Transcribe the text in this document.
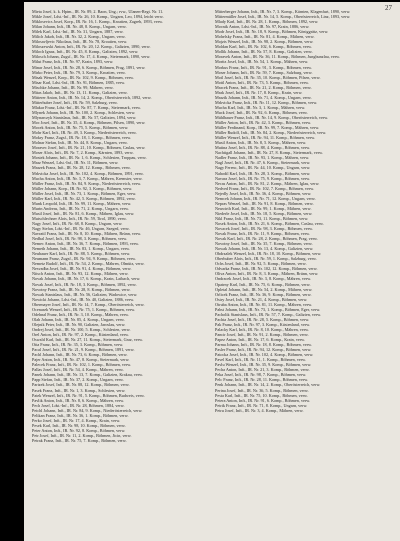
27

Mieta Josef, k. k. Hptm., IR. Nr. 89, 2. Baon, Ung.; rvw., Ulanen-Regt. Nr. 11.

Mikle Josef, Ldst.-Inf., IR. Nr. 26, 10. Komp., Ungarn, Leo, 1894, leicht verw.

Miklosevics Josef, Korp., IR. Nr. 16, 1. Komp., Kroatien, Zagreb, 1893, verw.

Milan Johann, Inft., IR. Nr. 48, 8. Komp., Ungarn, verw.

Milek Karl, Ldst.-Inf., IR. Nr. 31, Ungarn, 1887, verw.

Milich Jakob, Inft., IR. Nr. 32, 2. Komp., Ungarn, verw.

Milosavljevic Nikolaus, Inft., IR. Nr. 78, Kroatien, verw.

Miloszewski Anton, Inft., IR. Nr. 20, 12. Komp., Galizien, 1890, verw.

Miloch Ignaz, Inft., IR. Nr. 45, 8. Komp., Galizien, 1892, verw.

Milosch Johann, Zugsf., IR. Nr. 17, 4. Komp., Steiermark, 1890, verw.

Milut Franz, Inft., IR. Nr. 97, Krain, 1893, verw.

Minar Josef, Inft., IR. Nr. 28, 6. Komp., Böhmen, Prag, 1891, verw.

Mirko Peter, Inft., IR. Nr. 79, 3. Komp., Kroatien, verw.

Misak Wenzel, Korp., IR. Nr. 102, 9. Komp., Böhmen, verw.

Misar Karl, Ldst.-Inf., IR. Nr. 91, Böhmen, 1885, verw.

Mischke Johann, Inft., IR. Nr. 99, Mähren, verw.

Mitas Jakob, Inft., IR. Nr. 13, 11. Komp., Galizien, verw.

Mitterer Anton, Inft., IR. Nr. 14, 2. Komp., Oberösterreich, 1892, verw.

Mitterhuber Josef, Inft., IR. Nr. 59, Salzburg, verw.

Mlakar Franz, Ldst.-Inf., IR. Nr. 87, 7. Komp., Steiermark, verw.

Mlynek Johann, Inft., IR. Nr. 100, 2. Komp., Schlesien, verw.

Mlynarczyk Stanislaus, Inft., IR. Nr. 57, Galizien, 1894, verw.

Moc Josef, Inft., IR. Nr. 35, 4. Komp., Böhmen, Pilsen, 1890, verw.

Mocek Anton, Inft., IR. Nr. 75, 5. Komp., Böhmen, verw.

Mohr Karl, Inft., IR. Nr. 49, 3. Komp., Niederösterreich, verw.

Mokry Franz, Zugsf., IR. Nr. 18, 1. Komp., Böhmen, verw.

Molnar Stefan, Inft., IR. Nr. 44, 8. Komp., Ungarn, verw.

Moravec Josef, Inft., IR. Nr. 21, 10. Komp., Böhmen, Caslau, verw.

Moser Alois, Inft., IR. Nr. 7, 2. Komp., Kärnten, 1893, verw.

Mostek Johann, Inft., IR. Nr. 1, 6. Komp., Schlesien, Troppau, verw.

Mraz Wenzel, Ldst.-Inf., IR. Nr. 11, Böhmen, verw.

Mrazek Franz, Inft., IR. Nr. 28, 12. Komp., Böhmen, verw.

Mrkvicka Josef, Inft., IR. Nr. 102, 4. Komp., Böhmen, 1891, verw.

Mucha Anton, Inft., IR. Nr. 3, 7. Komp., Mähren, Kremsier, verw.

Müller Franz, Inft., IR. Nr. 84, 9. Komp., Niederösterreich, verw.

Müller Johann, Korp., IR. Nr. 92, 3. Komp., Böhmen, verw.

Müller Josef, Inft., IR. Nr. 73, 1. Komp., Böhmen, Eger, verw.

Müller Karl, Inft., IR. Nr. 42, 5. Komp., Böhmen, 1892, verw.

Munk Leopold, Inft., IR. Nr. 99, 11. Komp., Mähren, verw.

Murin Andreas, Inft., IR. Nr. 71, 2. Komp., Ungarn, verw.

Musil Josef, Inft., IR. Nr. 81, 6. Komp., Mähren, Iglau, verw.

Mutschlechner Alois, Inft., IR. Nr. 59, Tirol, 1890, verw.

Nagy Josef, Inft., IR. Nr. 68, 8. Komp., Ungarn, verw.

Nagy Stefan, Ldst.-Inf., IR. Nr. 46, Ungarn, Szeged, verw.

Navratil Franz, Inft., IR. Nr. 8, 10. Komp., Mähren, Brünn, verw.

Nedbal Josef, Inft., IR. Nr. 98, 3. Komp., Böhmen, verw.

Nemec Anton, Inft., IR. Nr. 36, 7. Komp., Böhmen, 1893, verw.

Nemeth Johann, Inft., IR. Nr. 83, 1. Komp., Ungarn, verw.

Neubauer Karl, Inft., IR. Nr. 88, 5. Komp., Böhmen, verw.

Neumann Franz, Zugsf., IR. Nr. 94, 9. Komp., Böhmen, verw.

Nemetz Rudolf, Inft., IR. Nr. 54, 2. Komp., Mähren, Olmütz, verw.

Nesvadba Josef, Inft., IR. Nr. 91, 4. Komp., Böhmen, verw.

Nitsch Anton, Inft., IR. Nr. 93, 12. Komp., Mähren, verw.

Novak Johann, Inft., IR. Nr. 17, 6. Komp., Krain, Laibach, verw.

Novak Josef, Inft., IR. Nr. 18, 3. Komp., Böhmen, 1892, verw.

Novotny Franz, Inft., IR. Nr. 28, 8. Komp., Böhmen, verw.

Nowak Stanislaus, Inft., IR. Nr. 56, Galizien, Wadowice, verw.

Nowicki Johann, Ldst.-Inf., IR. Nr. 40, Galizien, 1886, verw.

Obermayer Josef, Inft., IR. Nr. 14, 7. Komp., Oberösterreich, verw.

Ocenasek Wenzel, Inft., IR. Nr. 75, 1. Komp., Böhmen, verw.

Odehnal Franz, Inft., IR. Nr. 3, 10. Komp., Mähren, verw.

Olah Johann, Inft., IR. Nr. 85, 4. Komp., Ungarn, verw.

Olejnik Peter, Inft., IR. Nr. 90, Galizien, Jaroslau, verw.

Ondrej Josef, Inft., IR. Nr. 100, 5. Komp., Schlesien, verw.

Orel Anton, Inft., IR. Nr. 97, 2. Komp., Küstenland, verw.

Oswald Karl, Inft., IR. Nr. 27, 11. Komp., Steiermark, Graz, verw.

Otta Franz, Inft., IR. Nr. 35, 3. Komp., Böhmen, verw.

Pacal Josef, Inft., IR. Nr. 21, 9. Komp., Böhmen, 1891, verw.

Pachl Johann, Inft., IR. Nr. 73, 6. Komp., Böhmen, verw.

Pajer Anton, Inft., IR. Nr. 47, 8. Komp., Steiermark, verw.

Palecek Franz, Inft., IR. Nr. 102, 1. Komp., Böhmen, verw.

Pallas Josef, Inft., IR. Nr. 54, 4. Komp., Mähren, verw.

Panek Johann, Inft., IR. Nr. 13, 7. Komp., Galizien, Krakau, verw.

Papp Stefan, Inft., IR. Nr. 37, 2. Komp., Ungarn, verw.

Parizek Josef, Inft., IR. Nr. 88, 12. Komp., Böhmen, verw.

Pasek Franz, Inft., IR. Nr. 1, 3. Komp., Schlesien, verw.

Patek Wenzel, Inft., IR. Nr. 91, 5. Komp., Böhmen, Budweis, verw.

Pavlik Anton, Inft., IR. Nr. 8, 6. Komp., Mähren, verw.

Pech Josef, Ldst.-Inf., IR. Nr. 28, Böhmen, 1884, verw.

Peichl Johann, Inft., IR. Nr. 84, 9. Komp., Niederösterreich, verw.

Pelikan Franz, Inft., IR. Nr. 36, 1. Komp., Böhmen, verw.

Perko Josef, Inft., IR. Nr. 17, 4. Komp., Krain, verw.

Pesek Karl, Inft., IR. Nr. 98, 10. Komp., Böhmen, verw.

Peter Anton, Inft., IR. Nr. 92, 8. Komp., Böhmen, verw.

Petr Josef, Inft., IR. Nr. 11, 2. Komp., Böhmen, Jicin, verw.

Petrak Franz, Inft., IR. Nr. 75, 7. Komp., Böhmen, verw.

Mitterberger Johann, Inft., IR. Nr. 7, 3. Komp., Kärnten, Klagenfurt, 1890, verw.

Mittermüller Josef, Inft., IR. Nr. 14, 5. Komp., Oberösterreich, Linz, 1893, verw.

Mlady Karl, Inft., IR. Nr. 28, 1. Komp., Böhmen, 1892, verw.

Mocnik Anton, Ldst.-Inf., IR. Nr. 97, Krain, 1886, verw.

Modr Josef, Inft., IR. Nr. 18, 9. Komp., Böhmen, Königgrätz, verw.

Mohelsky Franz, Inft., IR. Nr. 81, 4. Komp., Mähren, verw.

Mojzis Wenzel, Inft., IR. Nr. 98, 2. Komp., Böhmen, verw.

Moldan Karl, Inft., IR. Nr. 102, 6. Komp., Böhmen, verw.

Mollik Johann, Inft., IR. Nr. 57, 8. Komp., Galizien, verw.

Moravek Anton, Inft., IR. Nr. 36, 11. Komp., Böhmen, Jungbunzlau, verw.

Moritz Josef, Inft., IR. Nr. 54, 1. Komp., Mähren, verw.

Morkus Franz, Inft., IR. Nr. 91, 3. Komp., Böhmen, verw.

Moser Johann, Inft., IR. Nr. 59, 7. Komp., Salzburg, verw.

Motl Josef, Inft., IR. Nr. 35, 10. Komp., Böhmen, Pilsen, verw.

Mottl Anton, Inft., IR. Nr. 73, 5. Komp., Böhmen, verw.

Mracek Franz, Inft., IR. Nr. 21, 2. Komp., Böhmen, verw.

Mrak Josef, Inft., IR. Nr. 17, 8. Komp., Krain, verw.

Mrazik Johann, Inft., IR. Nr. 71, 4. Komp., Ungarn, verw.

Mrkvicka Franz, Inft., IR. Nr. 11, 12. Komp., Böhmen, verw.

Mucha Karl, Inft., IR. Nr. 3, 1. Komp., Mähren, verw.

Muck Josef, Inft., IR. Nr. 92, 6. Komp., Böhmen, verw.

Mühlbauer Franz, Inft., IR. Nr. 14, 9. Komp., Oberösterreich, verw.

Müller Anton, Inft., IR. Nr. 42, 3. Komp., Böhmen, verw.

Müller Ferdinand, Korp., IR. Nr. 99, 7. Komp., Mähren, verw.

Müller Rudolf, Inft., IR. Nr. 84, 2. Komp., Niederösterreich, verw.

Müller Wenzel, Inft., IR. Nr. 94, 11. Komp., Böhmen, verw.

Musil Anton, Inft., IR. Nr. 8, 5. Komp., Mähren, verw.

Mutina Josef, Inft., IR. Nr. 88, 4. Komp., Böhmen, verw.

Nachtigall Johann, Inft., IR. Nr. 27, 8. Komp., Steiermark, verw.

Nadler Franz, Inft., IR. Nr. 93, 1. Komp., Mähren, verw.

Nagl Josef, Inft., IR. Nr. 47, 6. Komp., Steiermark, verw.

Nagy Ferenc, Inft., IR. Nr. 44, 10. Komp., Ungarn, verw.

Nahodil Karl, Inft., IR. Nr. 28, 3. Komp., Böhmen, verw.

Navara Josef, Inft., IR. Nr. 75, 9. Komp., Böhmen, verw.

Necas Anton, Inft., IR. Nr. 81, 2. Komp., Mähren, Iglau, verw.

Nedved Franz, Inft., IR. Nr. 102, 7. Komp., Böhmen, verw.

Nejedly Josef, Inft., IR. Nr. 36, 4. Komp., Böhmen, verw.

Nemcek Johann, Inft., IR. Nr. 71, 12. Komp., Ungarn, verw.

Nepras Wenzel, Inft., IR. Nr. 91, 8. Komp., Böhmen, verw.

Neuwirth Karl, Inft., IR. Nr. 99, 1. Komp., Mähren, verw.

Niederle Josef, Inft., IR. Nr. 18, 5. Komp., Böhmen, verw.

Nikl Franz, Inft., IR. Nr. 73, 11. Komp., Böhmen, verw.

Nosek Anton, Inft., IR. Nr. 21, 6. Komp., Böhmen, Caslau, verw.

Novacek Josef, Inft., IR. Nr. 98, 3. Komp., Böhmen, verw.

Novak Franz, Inft., IR. Nr. 11, 9. Komp., Böhmen, verw.

Novak Karl, Inft., IR. Nr. 28, 2. Komp., Böhmen, Prag, verw.

Novotny Josef, Inft., IR. Nr. 35, 7. Komp., Böhmen, verw.

Nowak Johann, Inft., IR. Nr. 13, 4. Komp., Galizien, verw.

Obdrzalek Wenzel, Inft., IR. Nr. 18, 10. Komp., Böhmen, verw.

Oberhuber Alois, Inft., IR. Nr. 59, 1. Komp., Salzburg, verw.

Ochs Josef, Inft., IR. Nr. 92, 5. Komp., Böhmen, verw.

Odvarka Franz, Inft., IR. Nr. 102, 12. Komp., Böhmen, verw.

Oliva Anton, Inft., IR. Nr. 8, 3. Komp., Mähren, Brünn, verw.

Ondracek Josef, Inft., IR. Nr. 3, 8. Komp., Mähren, verw.

Opatrny Karl, Inft., IR. Nr. 75, 6. Komp., Böhmen, verw.

Opletal Johann, Inft., IR. Nr. 54, 2. Komp., Mähren, verw.

Orlicek Franz, Inft., IR. Nr. 36, 9. Komp., Böhmen, verw.

Ostry Josef, Inft., IR. Nr. 21, 4. Komp., Böhmen, verw.

Otruba Anton, Inft., IR. Nr. 81, 11. Komp., Mähren, verw.

Pabst Johann, Inft., IR. Nr. 73, 1. Komp., Böhmen, Eger, verw.

Pacholik Stanislaus, Inft., IR. Nr. 57, 7. Komp., Galizien, verw.

Pachta Josef, Inft., IR. Nr. 28, 5. Komp., Böhmen, verw.

Pak Franz, Inft., IR. Nr. 97, 3. Komp., Küstenland, verw.

Palacky Karl, Inft., IR. Nr. 8, 10. Komp., Mähren, verw.

Pancir Josef, Inft., IR. Nr. 91, 2. Komp., Böhmen, verw.

Papez Anton, Inft., IR. Nr. 17, 6. Komp., Krain, verw.

Parma Johann, Inft., IR. Nr. 18, 8. Komp., Böhmen, verw.

Pasler Franz, Inft., IR. Nr. 94, 12. Komp., Böhmen, verw.

Patocka Josef, Inft., IR. Nr. 102, 4. Komp., Böhmen, verw.

Pavel Karl, Inft., IR. Nr. 11, 1. Komp., Böhmen, verw.

Pavlu Wenzel, Inft., IR. Nr. 35, 9. Komp., Böhmen, verw.

Pecha Anton, Inft., IR. Nr. 21, 3. Komp., Böhmen, verw.

Peka Josef, Inft., IR. Nr. 98, 7. Komp., Böhmen, verw.

Pelc Franz, Inft., IR. Nr. 28, 11. Komp., Böhmen, verw.

Penk Johann, Inft., IR. Nr. 14, 2. Komp., Oberösterreich, verw.

Perina Josef, Inft., IR. Nr. 36, 5. Komp., Böhmen, verw.

Pesta Karl, Inft., IR. Nr. 75, 10. Komp., Böhmen, verw.

Petera Anton, Inft., IR. Nr. 91, 6. Komp., Böhmen, verw.

Petrik Franz, Inft., IR. Nr. 71, 8. Komp., Ungarn, verw.

Petru Josef, Inft., IR. Nr. 3, 4. Komp., Mähren, verw.
